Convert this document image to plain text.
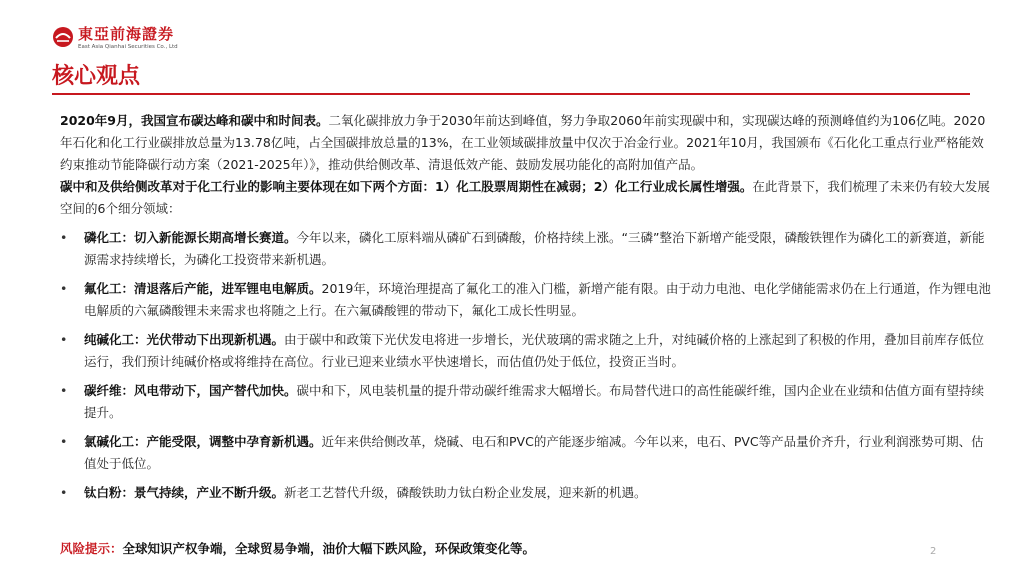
東亞前海證券
East Asia Qianhai Securities Co., Ltd
核心观点

2020年9月，我国宣布碳达峰和碳中和时间表。二氧化碳排放力争于2030年前达到峰值，努力争取2060年前实现碳中和，实现碳达峰的预测峰值约为106亿吨。2020年石化和化工行业碳排放总量为13.78亿吨，占全国碳排放总量的13%，在工业领域碳排放量中仅次于冶金行业。2021年10月，我国颁布《石化化工重点行业严格能效约束推动节能降碳行动方案（2021-2025年）》，推动供给侧改革、清退低效产能、鼓励发展功能化的高附加值产品。

碳中和及供给侧改革对于化工行业的影响主要体现在如下两个方面：1）化工股票周期性在减弱；2）化工行业成长属性增强。在此背景下，我们梳理了未来仍有较大发展空间的6个细分领域：

• 磷化工：切入新能源长期高增长赛道。今年以来，磷化工原料端从磷矿石到磷酸，价格持续上涨。“三磷”整治下新增产能受限，磷酸铁锂作为磷化工的新赛道，新能源需求持续增长，为磷化工投资带来新机遇。
• 氟化工：清退落后产能，进军锂电电解质。2019年，环境治理提高了氟化工的准入门槛，新增产能有限。由于动力电池、电化学储能需求仍在上行通道，作为锂电池电解质的六氟磷酸锂未来需求也将随之上行。在六氟磷酸锂的带动下，氟化工成长性明显。
• 纯碱化工：光伏带动下出现新机遇。由于碳中和政策下光伏发电将进一步增长，光伏玻璃的需求随之上升，对纯碱价格的上涨起到了积极的作用，叠加目前库存低位运行，我们预计纯碱价格或将维持在高位。行业已迎来业绩水平快速增长，而估值仍处于低位，投资正当时。
• 碳纤维：风电带动下，国产替代加快。碳中和下，风电装机量的提升带动碳纤维需求大幅增长。布局替代进口的高性能碳纤维，国内企业在业绩和估值方面有望持续提升。
• 氯碱化工：产能受限，调整中孕育新机遇。近年来供给侧改革，烧碱、电石和PVC的产能逐步缩减。今年以来，电石、PVC等产品量价齐升，行业利润涨势可期、估值处于低位。
• 钛白粉：景气持续，产业不断升级。新老工艺替代升级，磷酸铁助力钛白粉企业发展，迎来新的机遇。
风险提示：全球知识产权争端，全球贸易争端，油价大幅下跌风险，环保政策变化等。	2
